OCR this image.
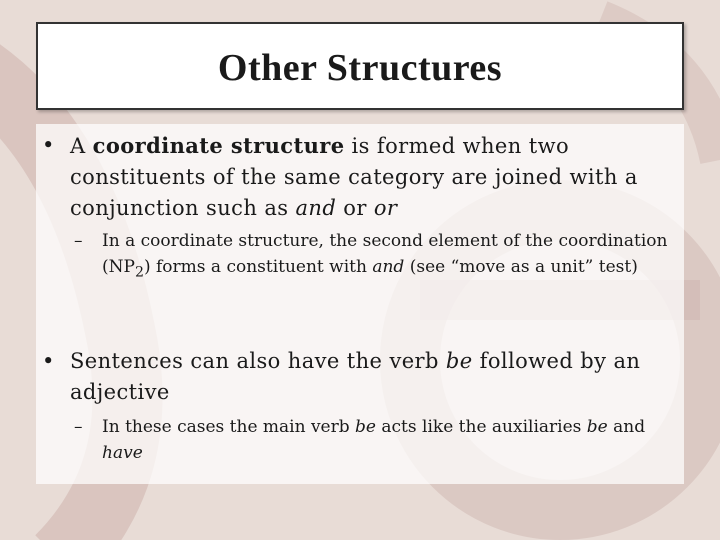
Other Structures
• A coordinate structure is formed when two constituents of the same category are joined with a conjunction such as and or or
– In a coordinate structure, the second element of the coordination $(NP_2)$ forms a constituent with and (see “move as a unit” test)
• Sentences can also have the verb be followed by an adjective
– In these cases the main verb be acts like the auxiliaries be and have
